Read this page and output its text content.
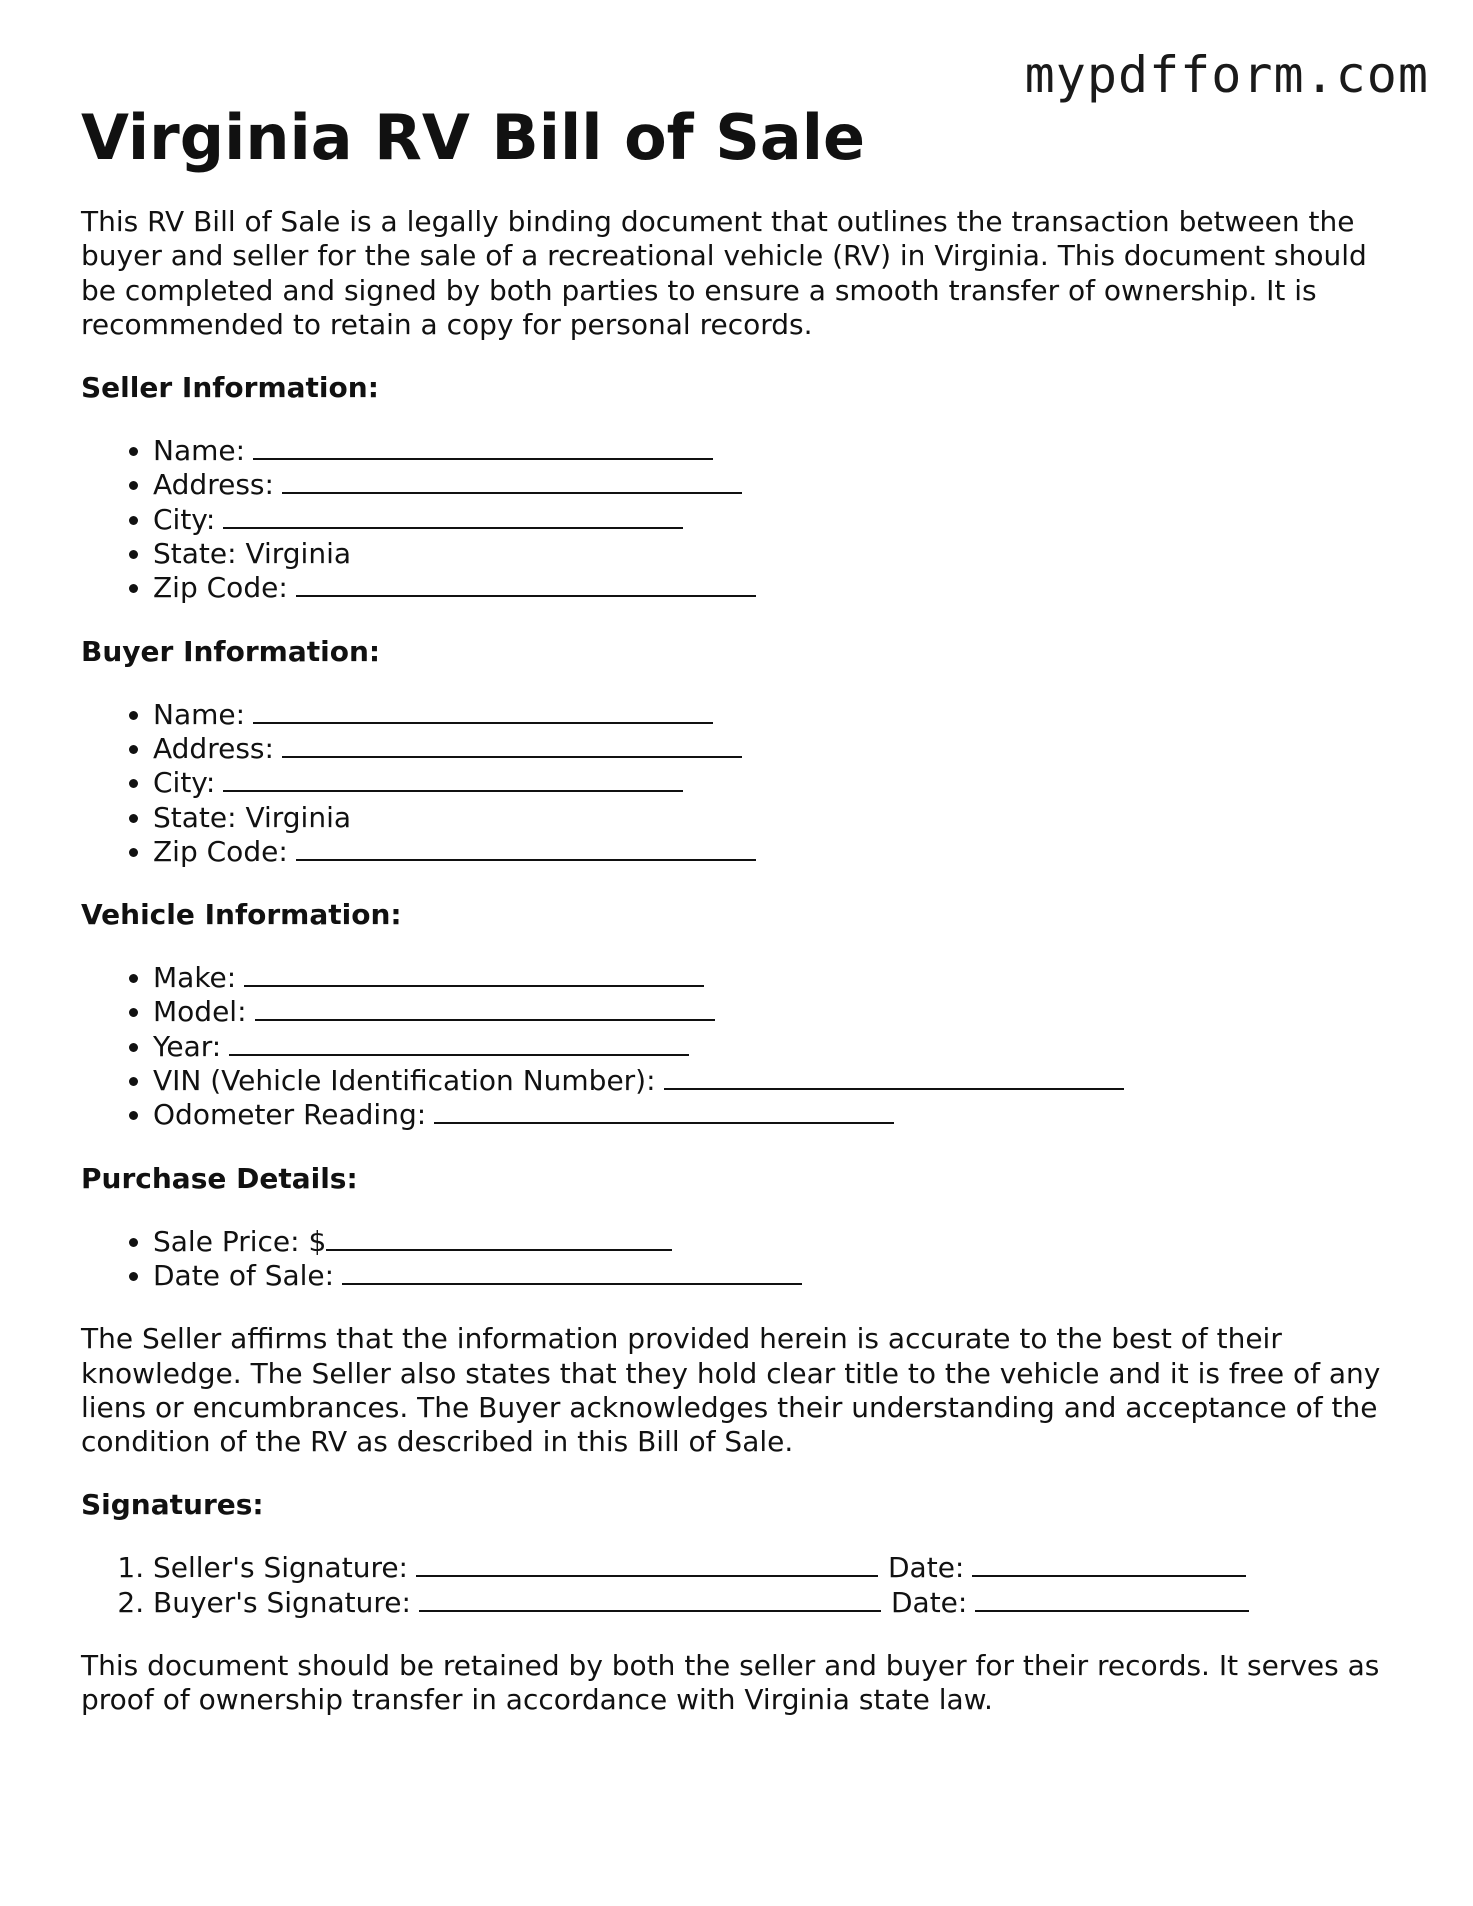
mypdfform.com
Virginia RV Bill of Sale

This RV Bill of Sale is a legally binding document that outlines the transaction between the buyer and seller for the sale of a recreational vehicle (RV) in Virginia. This document should be completed and signed by both parties to ensure a smooth transfer of ownership. It is recommended to retain a copy for personal records.

Seller Information:
• Name:
• Address:
• City:
• State: Virginia
• Zip Code:
Buyer Information:
• Name:
• Address:
• City:
• State: Virginia
• Zip Code:
Vehicle Information:
• Make:
• Model:
• Year:
• VIN (Vehicle Identification Number):
• Odometer Reading:
Purchase Details:
• Sale Price: $
• Date of Sale:

The Seller affirms that the information provided herein is accurate to the best of their knowledge. The Seller also states that they hold clear title to the vehicle and it is free of any liens or encumbrances. The Buyer acknowledges their understanding and acceptance of the condition of the RV as described in this Bill of Sale.

Signatures:
1. Seller's Signature:	Date:
2. Buyer's Signature:	Date:

This document should be retained by both the seller and buyer for their records. It serves as proof of ownership transfer in accordance with Virginia state law.
